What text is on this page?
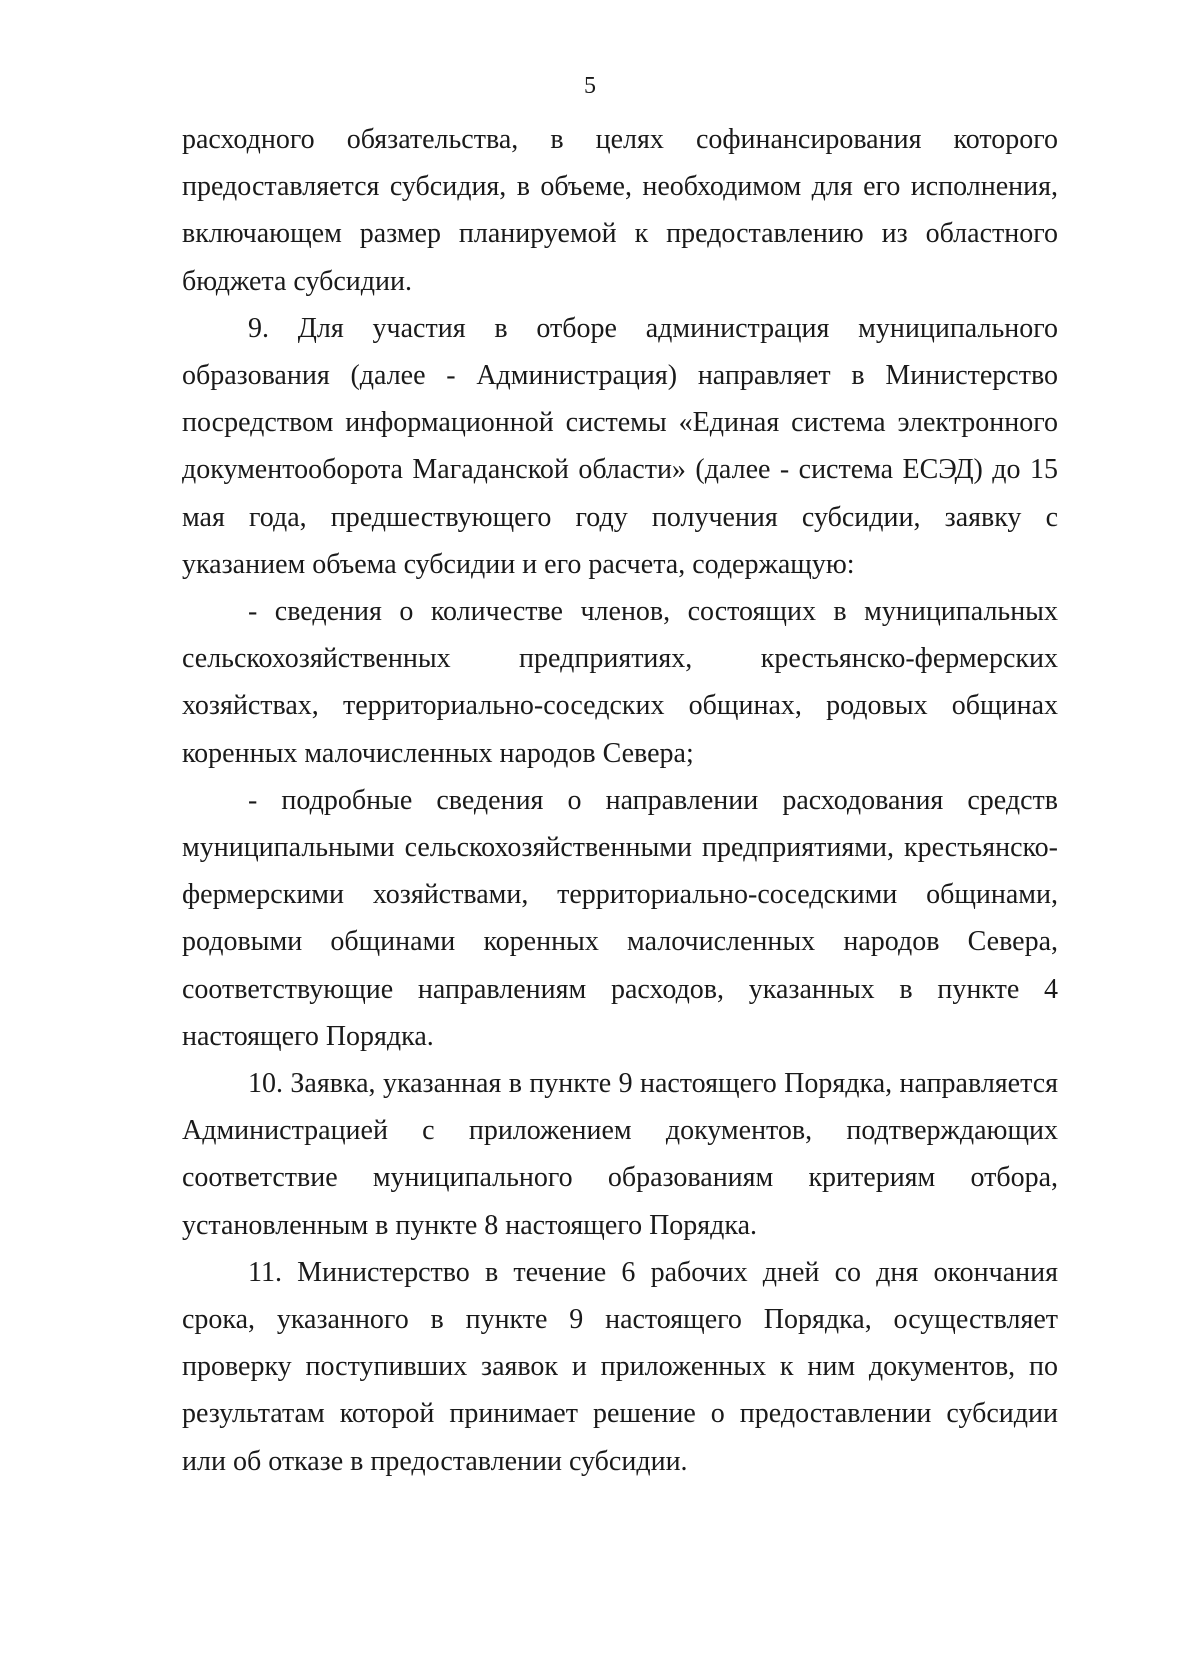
5

расходного обязательства, в целях софинансирования которого предоставляется субсидия, в объеме, необходимом для его исполнения, включающем размер планируемой к предоставлению из областного бюджета субсидии.

9. Для участия в отборе администрация муниципального образования (далее - Администрация) направляет в Министерство посредством информационной системы «Единая система электронного документооборота Магаданской области» (далее - система ЕСЭД) до 15 мая года, предшествующего году получения субсидии, заявку с указанием объема субсидии и его расчета, содержащую:

- сведения о количестве членов, состоящих в муниципальных сельскохозяйственных предприятиях, крестьянско-фермерских хозяйствах, территориально-соседских общинах, родовых общинах коренных малочисленных народов Севера;

- подробные сведения о направлении расходования средств муниципальными сельскохозяйственными предприятиями, крестьянско-фермерскими хозяйствами, территориально-соседскими общинами, родовыми общинами коренных малочисленных народов Севера, соответствующие направлениям расходов, указанных в пункте 4 настоящего Порядка.

10. Заявка, указанная в пункте 9 настоящего Порядка, направляется Администрацией с приложением документов, подтверждающих соответствие муниципального образованиям критериям отбора, установленным в пункте 8 настоящего Порядка.

11. Министерство в течение 6 рабочих дней со дня окончания срока, указанного в пункте 9 настоящего Порядка, осуществляет проверку поступивших заявок и приложенных к ним документов, по результатам которой принимает решение о предоставлении субсидии или об отказе в предоставлении субсидии.
